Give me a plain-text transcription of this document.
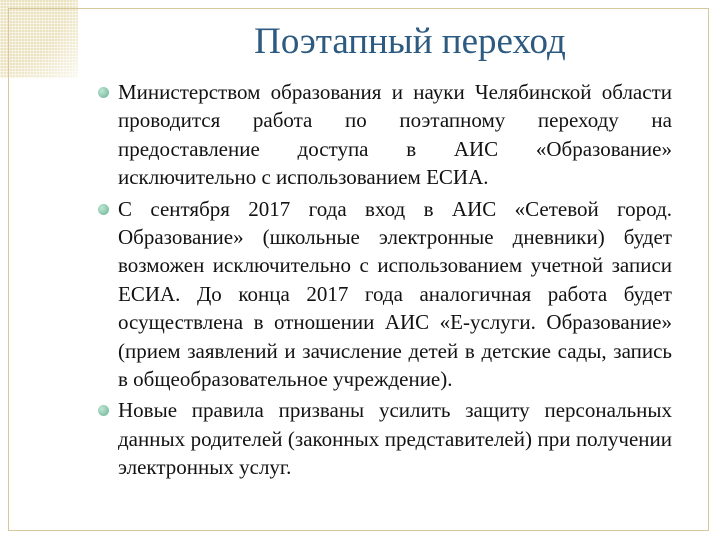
Поэтапный переход
Министерством образования и науки Челябинской области проводится работа по поэтапному переходу на предоставление доступа в АИС «Образование» исключительно с использованием ЕСИА.
С сентября 2017 года вход в АИС «Сетевой город. Образование» (школьные электронные дневники) будет возможен исключительно с использованием учетной записи ЕСИА. До конца 2017 года аналогичная работа будет осуществлена в отношении АИС «Е-услуги. Образование» (прием заявлений и зачисление детей в детские сады, запись в общеобразовательное учреждение).
Новые правила призваны усилить защиту персональных данных родителей (законных представителей) при получении электронных услуг.
